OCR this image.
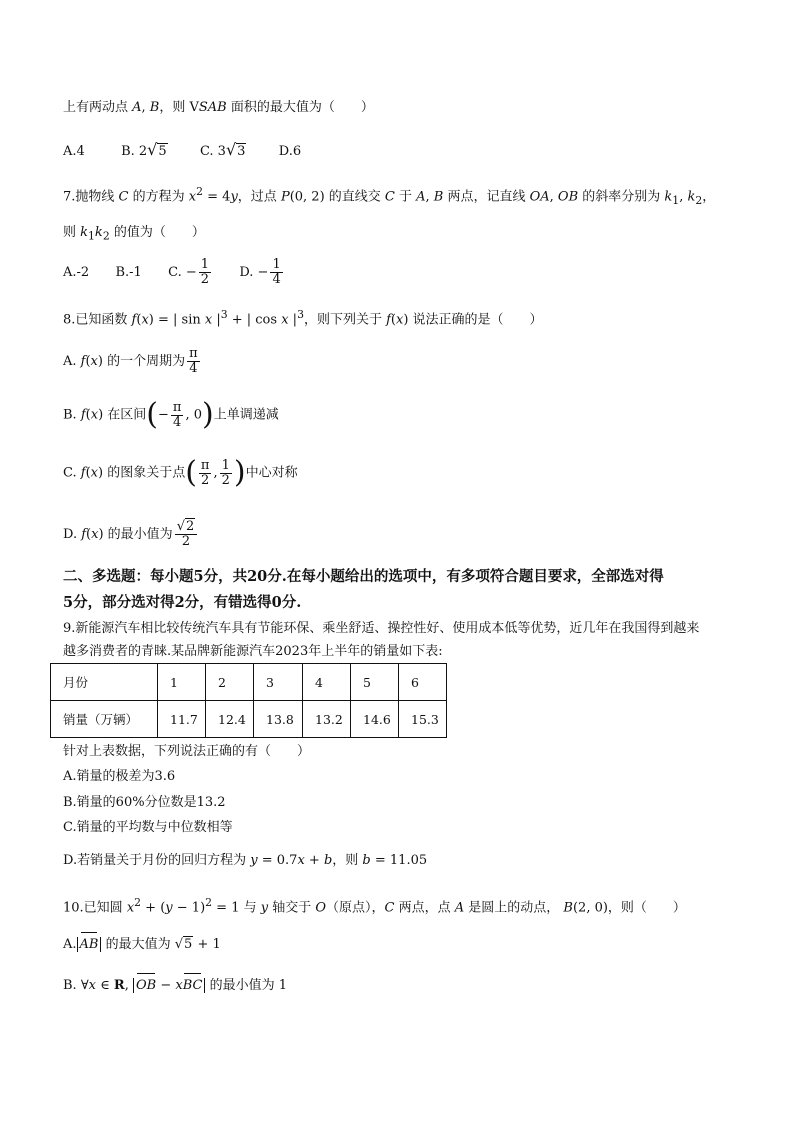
上有两动点 A, B，则 VSAB 面积的最大值为（　　）
A.4	B. 2√5	C. 3√3	D.6
7.抛物线 C 的方程为 $x^2 = 4y$，过点 P(0, 2) 的直线交 C 于 A, B 两点，记直线 OA, OB 的斜率分别为 $k_1$, $k_2$，
则 $k_1k_2$ 的值为（　　）
A.-2 B.-1 C. − $\frac{1}{2} D$. − $\frac{1}{4}$
8.已知函数 f(x) = | sin x $|^3$ + | cos x $|^3$，则下列关于 f(x) 说法正确的是（　　）
A. f(x) 的一个周期为 $\frac{\pi}{4}$
B. f(x) 在区间(− $\frac{\pi}{4}$ , 0)上单调递减
C. f(x) 的图象关于点( $\frac{\pi}{2}$ , $\frac{1}{2}$ )中心对称
D. f(x) 的最小值为 $\frac{√2}{2}$
二、多选题：每小题5分，共20分.在每小题给出的选项中，有多项符合题目要求，全部选对得
5分，部分选对得2分，有错选得0分.
9.新能源汽车相比较传统汽车具有节能环保、乘坐舒适、操控性好、使用成本低等优势，近几年在我国得到越来
越多消费者的青睐.某品牌新能源汽车2023年上半年的销量如下表:
月份	1	2	3	4	5	6
销量（万辆）	11.7	12.4	13.8	13.2	14.6	15.3
针对上表数据，下列说法正确的有（　　）
A.销量的极差为3.6
B.销量的60%分位数是13.2
C.销量的平均数与中位数相等
D.若销量关于月份的回归方程为 y = 0.7x + b，则 b = 11.05
10.已知圆 $x^2 + (y - 1)^2 = 1$ 与 y 轴交于 O（原点），C 两点，点 A 是圆上的动点， B(2, 0)，则（　　）
A. AB 的最大值为 √5 + 1
B. ∀x ∈ R, OB − xBC 的最小值为 1
